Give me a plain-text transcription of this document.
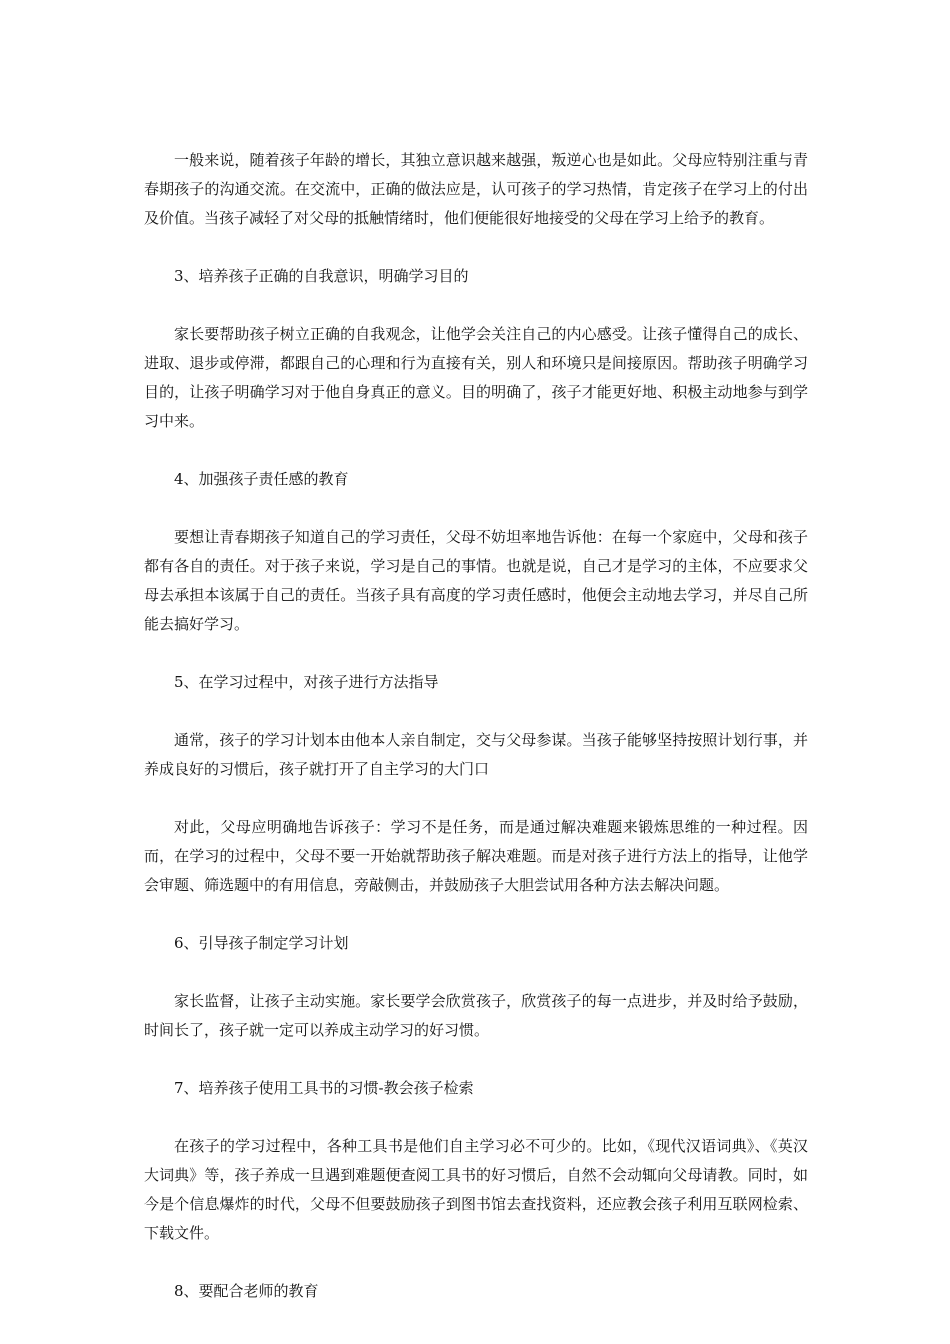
一般来说，随着孩子年龄的增长，其独立意识越来越强，叛逆心也是如此。父母应特别注重与青春期孩子的沟通交流。在交流中，正确的做法应是，认可孩子的学习热情，肯定孩子在学习上的付出及价值。当孩子减轻了对父母的抵触情绪时，他们便能很好地接受的父母在学习上给予的教育。

3、培养孩子正确的自我意识，明确学习目的

家长要帮助孩子树立正确的自我观念，让他学会关注自己的内心感受。让孩子懂得自己的成长、进取、退步或停滞，都跟自己的心理和行为直接有关，别人和环境只是间接原因。帮助孩子明确学习目的，让孩子明确学习对于他自身真正的意义。目的明确了，孩子才能更好地、积极主动地参与到学习中来。

4、加强孩子责任感的教育

要想让青春期孩子知道自己的学习责任，父母不妨坦率地告诉他：在每一个家庭中，父母和孩子都有各自的责任。对于孩子来说，学习是自己的事情。也就是说，自己才是学习的主体，不应要求父母去承担本该属于自己的责任。当孩子具有高度的学习责任感时，他便会主动地去学习，并尽自己所能去搞好学习。

5、在学习过程中，对孩子进行方法指导

通常，孩子的学习计划本由他本人亲自制定，交与父母参谋。当孩子能够坚持按照计划行事，并养成良好的习惯后，孩子就打开了自主学习的大门口

对此，父母应明确地告诉孩子：学习不是任务，而是通过解决难题来锻炼思维的一种过程。因而，在学习的过程中，父母不要一开始就帮助孩子解决难题。而是对孩子进行方法上的指导，让他学会审题、筛选题中的有用信息，旁敲侧击，并鼓励孩子大胆尝试用各种方法去解决问题。

6、引导孩子制定学习计划

家长监督，让孩子主动实施。家长要学会欣赏孩子，欣赏孩子的每一点进步，并及时给予鼓励，时间长了，孩子就一定可以养成主动学习的好习惯。

7、培养孩子使用工具书的习惯-教会孩子检索

在孩子的学习过程中，各种工具书是他们自主学习必不可少的。比如，《现代汉语词典》、《英汉大词典》等，孩子养成一旦遇到难题便查阅工具书的好习惯后，自然不会动辄向父母请教。同时，如今是个信息爆炸的时代，父母不但要鼓励孩子到图书馆去查找资料，还应教会孩子利用互联网检索、下载文件。

8、要配合老师的教育
